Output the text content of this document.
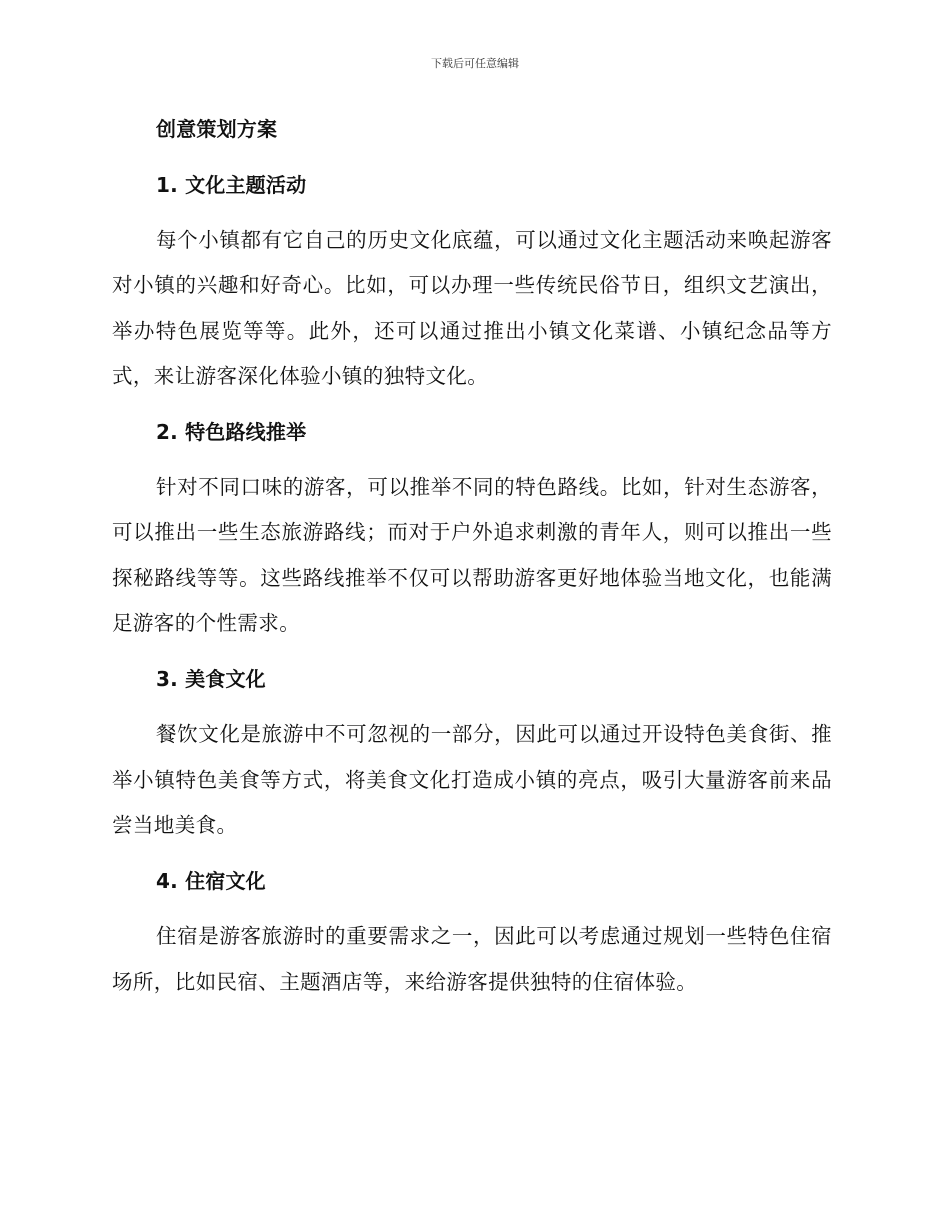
下载后可任意编辑
创意策划方案
1. 文化主题活动

每个小镇都有它自己的历史文化底蕴，可以通过文化主题活动来唤起游客对小镇的兴趣和好奇心。比如，可以办理一些传统民俗节日，组织文艺演出，举办特色展览等等。此外，还可以通过推出小镇文化菜谱、小镇纪念品等方式，来让游客深化体验小镇的独特文化。

2. 特色路线推举

针对不同口味的游客，可以推举不同的特色路线。比如，针对生态游客，可以推出一些生态旅游路线；而对于户外追求刺激的青年人，则可以推出一些探秘路线等等。这些路线推举不仅可以帮助游客更好地体验当地文化，也能满足游客的个性需求。

3. 美食文化

餐饮文化是旅游中不可忽视的一部分，因此可以通过开设特色美食街、推举小镇特色美食等方式，将美食文化打造成小镇的亮点，吸引大量游客前来品尝当地美食。

4. 住宿文化

住宿是游客旅游时的重要需求之一，因此可以考虑通过规划一些特色住宿场所，比如民宿、主题酒店等，来给游客提供独特的住宿体验。
